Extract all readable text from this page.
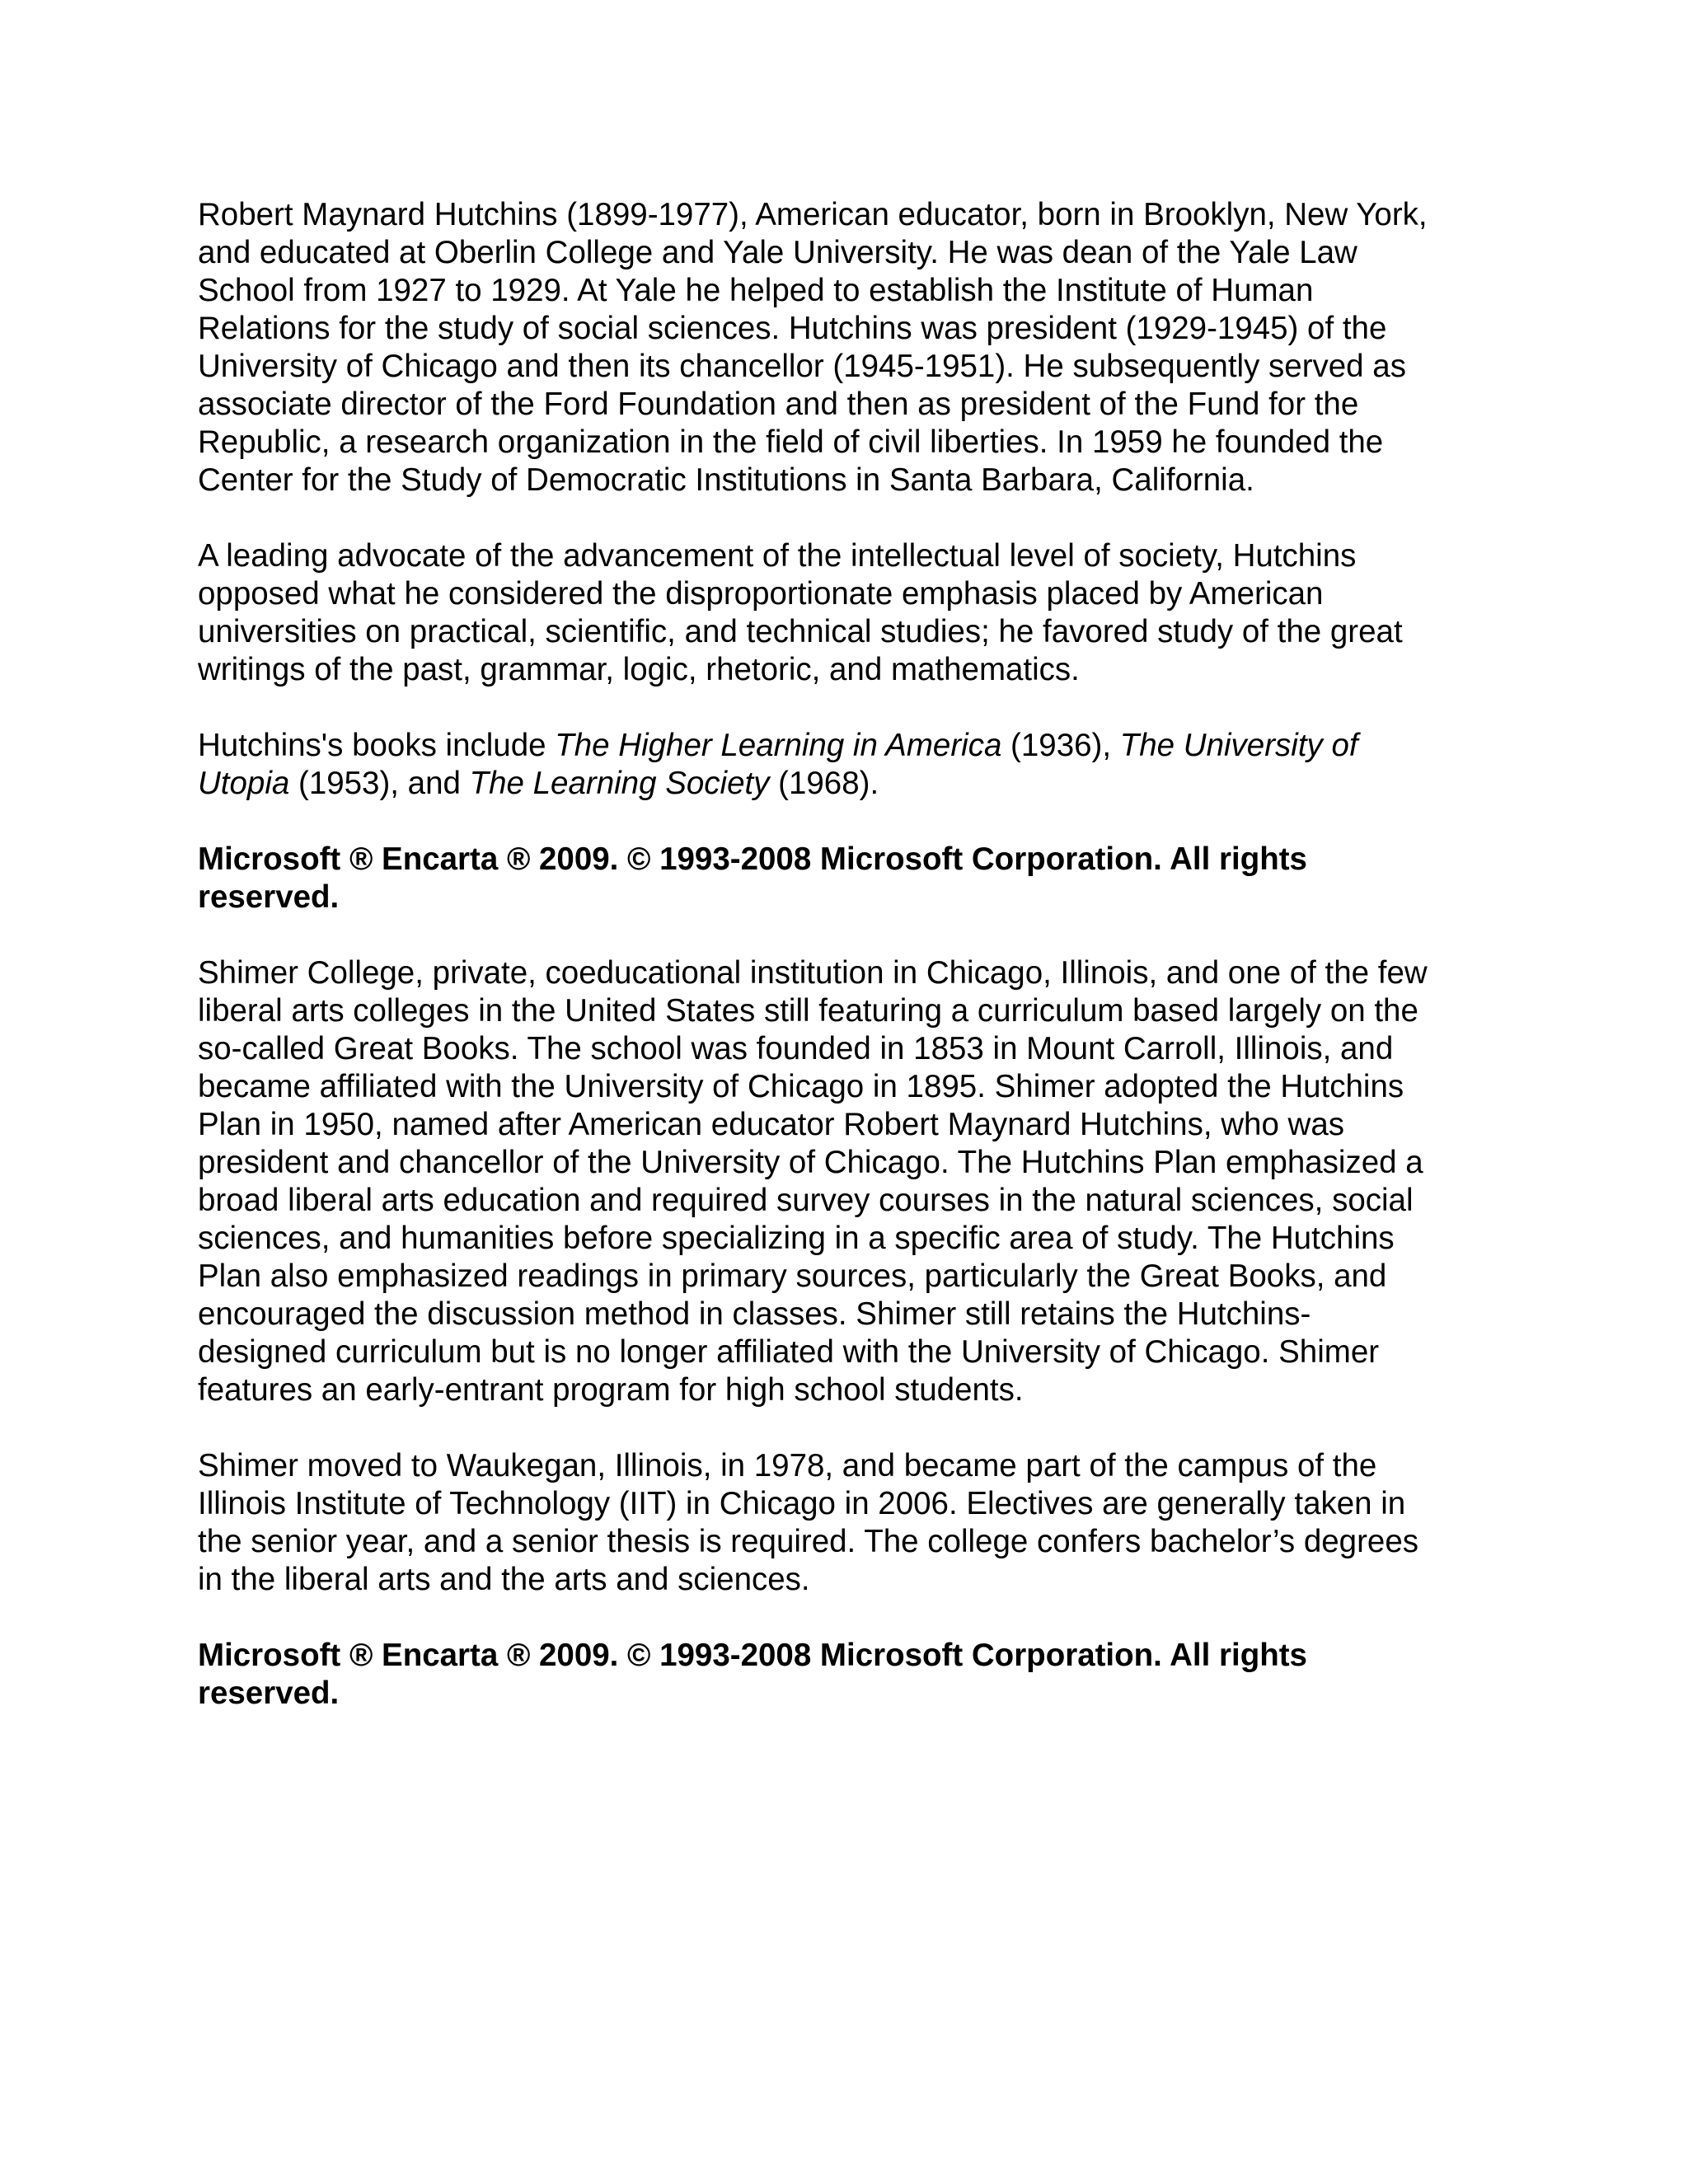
Robert Maynard Hutchins (1899-1977), American educator, born in Brooklyn, New York,
and educated at Oberlin College and Yale University. He was dean of the Yale Law
School from 1927 to 1929. At Yale he helped to establish the Institute of Human
Relations for the study of social sciences. Hutchins was president (1929-1945) of the
University of Chicago and then its chancellor (1945-1951). He subsequently served as
associate director of the Ford Foundation and then as president of the Fund for the
Republic, a research organization in the field of civil liberties. In 1959 he founded the
Center for the Study of Democratic Institutions in Santa Barbara, California.

A leading advocate of the advancement of the intellectual level of society, Hutchins
opposed what he considered the disproportionate emphasis placed by American
universities on practical, scientific, and technical studies; he favored study of the great
writings of the past, grammar, logic, rhetoric, and mathematics.

Hutchins's books include The Higher Learning in America (1936), The University of
Utopia (1953), and The Learning Society (1968).

Microsoft ® Encarta ® 2009. © 1993-2008 Microsoft Corporation. All rights
reserved.

Shimer College, private, coeducational institution in Chicago, Illinois, and one of the few
liberal arts colleges in the United States still featuring a curriculum based largely on the
so-called Great Books. The school was founded in 1853 in Mount Carroll, Illinois, and
became affiliated with the University of Chicago in 1895. Shimer adopted the Hutchins
Plan in 1950, named after American educator Robert Maynard Hutchins, who was
president and chancellor of the University of Chicago. The Hutchins Plan emphasized a
broad liberal arts education and required survey courses in the natural sciences, social
sciences, and humanities before specializing in a specific area of study. The Hutchins
Plan also emphasized readings in primary sources, particularly the Great Books, and
encouraged the discussion method in classes. Shimer still retains the Hutchins-
designed curriculum but is no longer affiliated with the University of Chicago. Shimer
features an early-entrant program for high school students.

Shimer moved to Waukegan, Illinois, in 1978, and became part of the campus of the
Illinois Institute of Technology (IIT) in Chicago in 2006. Electives are generally taken in
the senior year, and a senior thesis is required. The college confers bachelor’s degrees
in the liberal arts and the arts and sciences.

Microsoft ® Encarta ® 2009. © 1993-2008 Microsoft Corporation. All rights
reserved.
